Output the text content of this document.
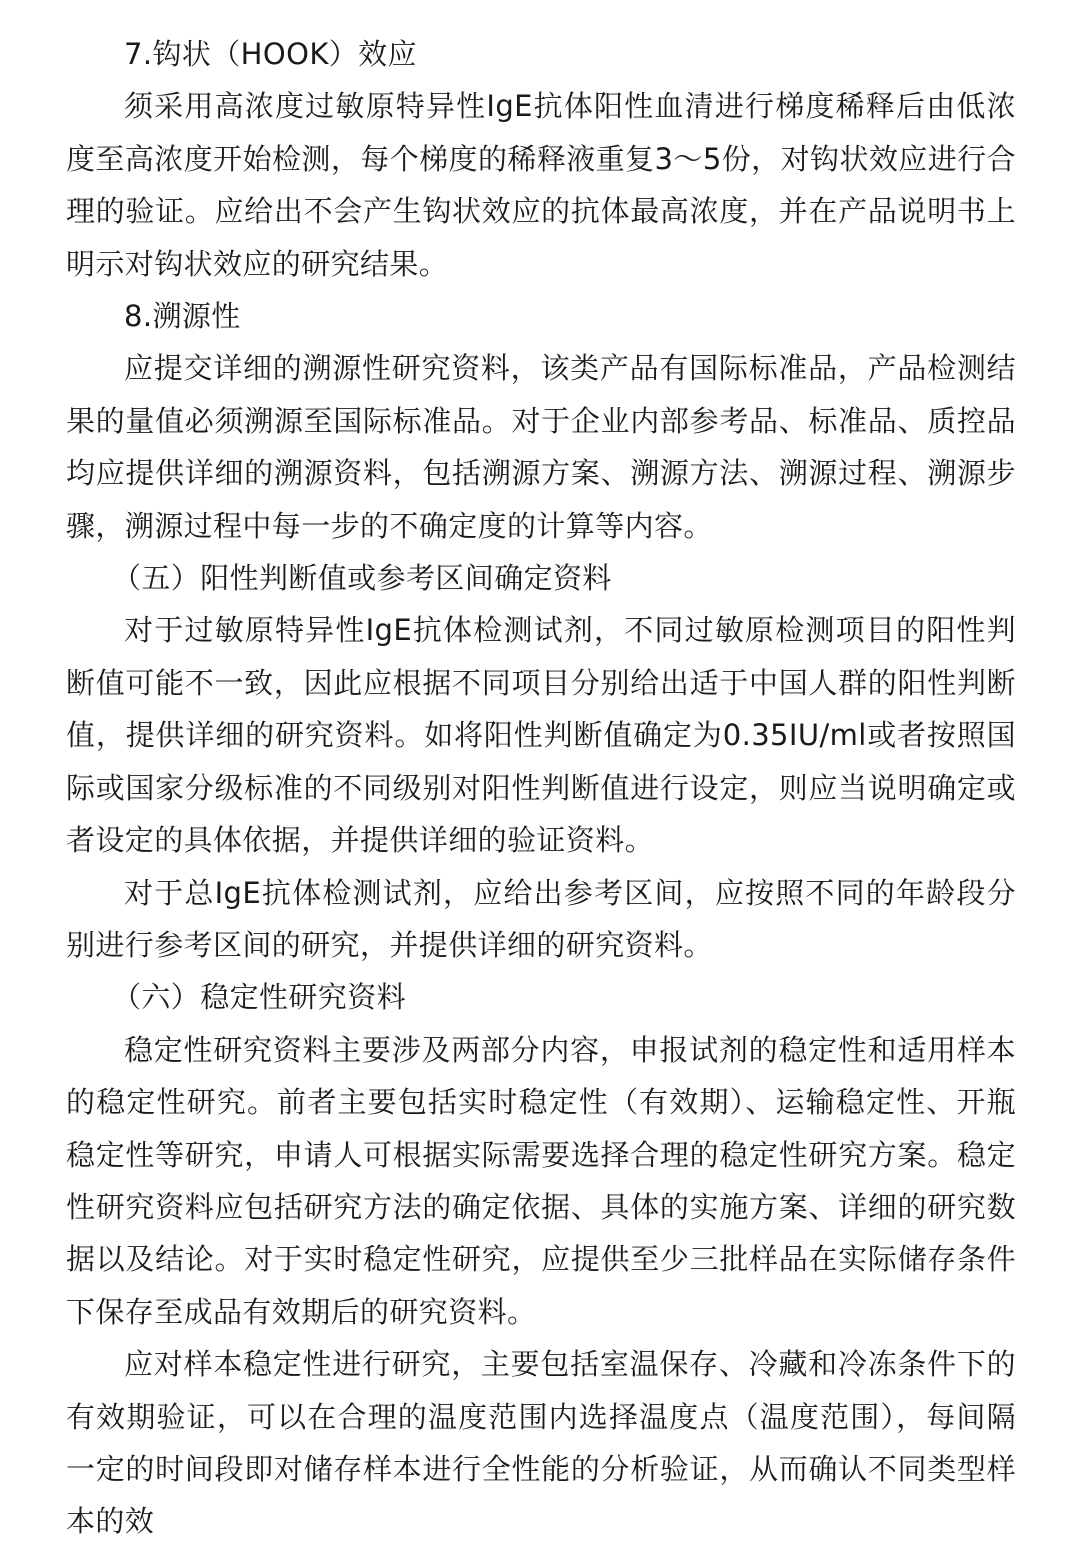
7.钩状（HOOK）效应

须采用高浓度过敏原特异性IgE抗体阳性血清进行梯度稀释后由低浓度至高浓度开始检测，每个梯度的稀释液重复3～5份，对钩状效应进行合理的验证。应给出不会产生钩状效应的抗体最高浓度，并在产品说明书上明示对钩状效应的研究结果。

8.溯源性

应提交详细的溯源性研究资料，该类产品有国际标准品，产品检测结果的量值必须溯源至国际标准品。对于企业内部参考品、标准品、质控品均应提供详细的溯源资料，包括溯源方案、溯源方法、溯源过程、溯源步骤，溯源过程中每一步的不确定度的计算等内容。

（五）阳性判断值或参考区间确定资料

对于过敏原特异性IgE抗体检测试剂，不同过敏原检测项目的阳性判断值可能不一致，因此应根据不同项目分别给出适于中国人群的阳性判断值，提供详细的研究资料。如将阳性判断值确定为0.35IU/ml或者按照国际或国家分级标准的不同级别对阳性判断值进行设定，则应当说明确定或者设定的具体依据，并提供详细的验证资料。

对于总IgE抗体检测试剂，应给出参考区间，应按照不同的年龄段分别进行参考区间的研究，并提供详细的研究资料。

（六）稳定性研究资料

稳定性研究资料主要涉及两部分内容，申报试剂的稳定性和适用样本的稳定性研究。前者主要包括实时稳定性（有效期）、运输稳定性、开瓶稳定性等研究，申请人可根据实际需要选择合理的稳定性研究方案。稳定性研究资料应包括研究方法的确定依据、具体的实施方案、详细的研究数据以及结论。对于实时稳定性研究，应提供至少三批样品在实际储存条件下保存至成品有效期后的研究资料。

应对样本稳定性进行研究，主要包括室温保存、冷藏和冷冻条件下的有效期验证，可以在合理的温度范围内选择温度点（温度范围），每间隔一定的时间段即对储存样本进行全性能的分析验证，从而确认不同类型样本的效
